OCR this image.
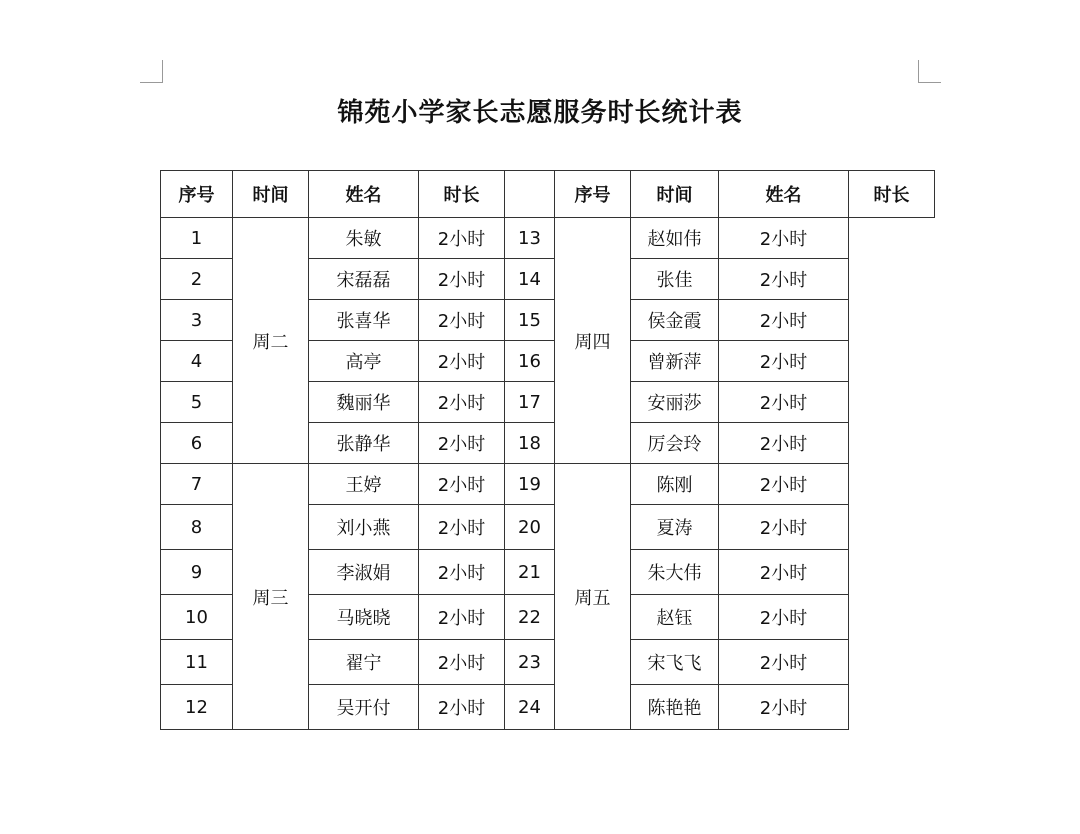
锦苑小学家长志愿服务时长统计表
序号	时间	姓名	时长		序号	时间	姓名	时长
1	周二	朱敏	2小时	13	周四	赵如伟	2小时	
2		宋磊磊	2小时	14		张佳	2小时	
3		张喜华	2小时	15		侯金霞	2小时	
4		高亭	2小时	16		曾新萍	2小时	
5		魏丽华	2小时	17		安丽莎	2小时	
6		张静华	2小时	18		厉会玲	2小时	
7	周三	王婷	2小时	19	周五	陈刚	2小时	
8		刘小燕	2小时	20		夏涛	2小时	
9		李淑娟	2小时	21		朱大伟	2小时	
10		马晓晓	2小时	22		赵钰	2小时	
11		翟宁	2小时	23		宋飞飞	2小时	
12		吴开付	2小时	24		陈艳艳	2小时	
